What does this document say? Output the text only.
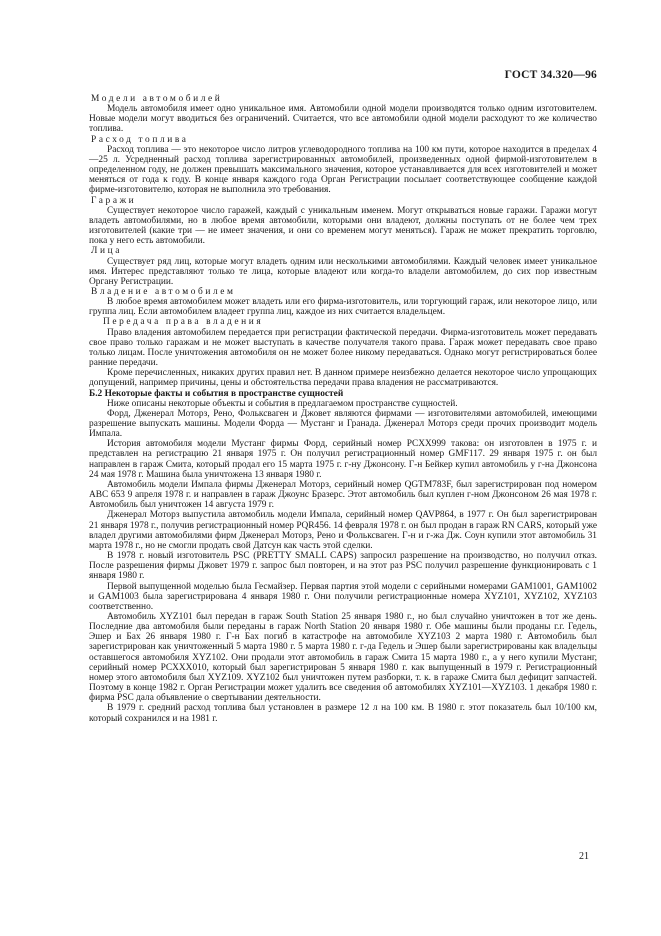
ГОСТ 34.320—96
Модели автомобилей

Модель автомобиля имеет одно уникальное имя. Автомобили одной модели производятся только одним изготовителем. Новые модели могут вводиться без ограничений. Считается, что все автомобили одной модели расходуют то же количество топлива.

Расход топлива

Расход топлива — это некоторое число литров углеводородного топлива на 100 км пути, которое находится в пределах 4—25 л. Усредненный расход топлива зарегистрированных автомобилей, произведенных одной фирмой-изготовителем в определенном году, не должен превышать максимального значения, которое устанавливается для всех изготовителей и может меняться от года к году. В конце января каждого года Орган Регистрации посылает соответствующее сообщение каждой фирме-изготовителю, которая не выполнила это требования.

Гаражи

Существует некоторое число гаражей, каждый с уникальным именем. Могут открываться новые гаражи. Гаражи могут владеть автомобилями, но в любое время автомобили, которыми они владеют, должны поступать от не более чем трех изготовителей (какие три — не имеет значения, и они со временем могут меняться). Гараж не может прекратить торговлю, пока у него есть автомобили.

Лица

Существует ряд лиц, которые могут владеть одним или несколькими автомобилями. Каждый человек имеет уникальное имя. Интерес представляют только те лица, которые владеют или когда-то владели автомобилем, до сих пор известным Органу Регистрации.

Владение автомобилем

В любое время автомобилем может владеть или его фирма-изготовитель, или торгующий гараж, или некоторое лицо, или группа лиц. Если автомобилем владеет группа лиц, каждое из них считается владельцем.

Передача права владения

Право владения автомобилем передается при регистрации фактической передачи. Фирма-изготовитель может передавать свое право только гаражам и не может выступать в качестве получателя такого права. Гараж может передавать свое право только лицам. После уничтожения автомобиля он не может более никому передаваться. Однако могут регистрироваться более ранние передачи.

Кроме перечисленных, никаких других правил нет. В данном примере неизбежно делается некоторое число упрощающих допущений, например причины, цены и обстоятельства передачи права владения не рассматриваются.

Б.2 Некоторые факты и события в пространстве сущностей

Ниже описаны некоторые объекты и события в предлагаемом пространстве сущностей.

Форд, Дженерал Моторз, Рено, Фольксваген и Джовет являются фирмами — изготовителями автомобилей, имеющими разрешение выпускать машины. Модели Форда — Мустанг и Гранада. Дженерал Моторз среди прочих производит модель Импала.

История автомобиля модели Мустанг фирмы Форд, серийный номер PCXX999 такова: он изготовлен в 1975 г. и представлен на регистрацию 21 января 1975 г. Он получил регистрационный номер GMF117. 29 января 1975 г. он был направлен в гараж Смита, который продал его 15 марта 1975 г. г-ну Джонсону. Г-н Бейкер купил автомобиль у г-на Джонсона 24 мая 1978 г. Машина была уничтожена 13 января 1980 г.

Автомобиль модели Импала фирмы Дженерал Моторз, серийный номер QGTM783F, был зарегистрирован под номером АВС 653 9 апреля 1978 г. и направлен в гараж Джоунс Бразерс. Этот автомобиль был куплен г-ном Джонсоном 26 мая 1978 г. Автомобиль был уничтожен 14 августа 1979 г.

Дженерал Моторз выпустила автомобиль модели Импала, серийный номер QAVP864, в 1977 г. Он был зарегистрирован 21 января 1978 г., получив регистрационный номер PQR456. 14 февраля 1978 г. он был продан в гараж RN CARS, который уже владел другими автомобилями фирм Дженерал Моторз, Рено и Фольксваген. Г-н и г-жа Дж. Соун купили этот автомобиль 31 марта 1978 г., но не смогли продать свой Датсун как часть этой сделки.

В 1978 г. новый изготовитель PSC (PRETTY SMALL CAPS) запросил разрешение на производство, но получил отказ. После разрешения фирмы Джовет 1979 г. запрос был повторен, и на этот раз PSC получил разрешение функционировать с 1 января 1980 г.

Первой выпущенной моделью была Гесмайзер. Первая партия этой модели с серийными номерами GAM1001, GAM1002 и GAM1003 была зарегистрирована 4 января 1980 г. Они получили регистрационные номера XYZ101, XYZ102, XYZ103 соответственно.

Автомобиль XYZ101 был передан в гараж South Station 25 января 1980 г., но был случайно уничтожен в тот же день. Последние два автомобиля были переданы в гараж North Station 20 января 1980 г. Обе машины были проданы г.г. Гедель, Эшер и Бах 26 января 1980 г. Г-н Бах погиб в катастрофе на автомобиле XYZ103 2 марта 1980 г. Автомобиль был зарегистрирован как уничтоженный 5 марта 1980 г. 5 марта 1980 г. г-да Гедель и Эшер были зарегистрированы как владельцы оставшегося автомобиля XYZ102. Они продали этот автомобиль в гараж Смита 15 марта 1980 г., а у него купили Мустанг, серийный номер PCXXX010, который был зарегистрирован 5 января 1980 г. как выпущенный в 1979 г. Регистрационный номер этого автомобиля был XYZ109. XYZ102 был уничтожен путем разборки, т. к. в гараже Смита был дефицит запчастей. Поэтому в конце 1982 г. Орган Регистрации может удалить все сведения об автомобилях XYZ101—XYZ103. 1 декабря 1980 г. фирма PSC дала объявление о свертывании деятельности.

В 1979 г. средний расход топлива был установлен в размере 12 л на 100 км. В 1980 г. этот показатель был 10/100 км, который сохранился и на 1981 г.

21
